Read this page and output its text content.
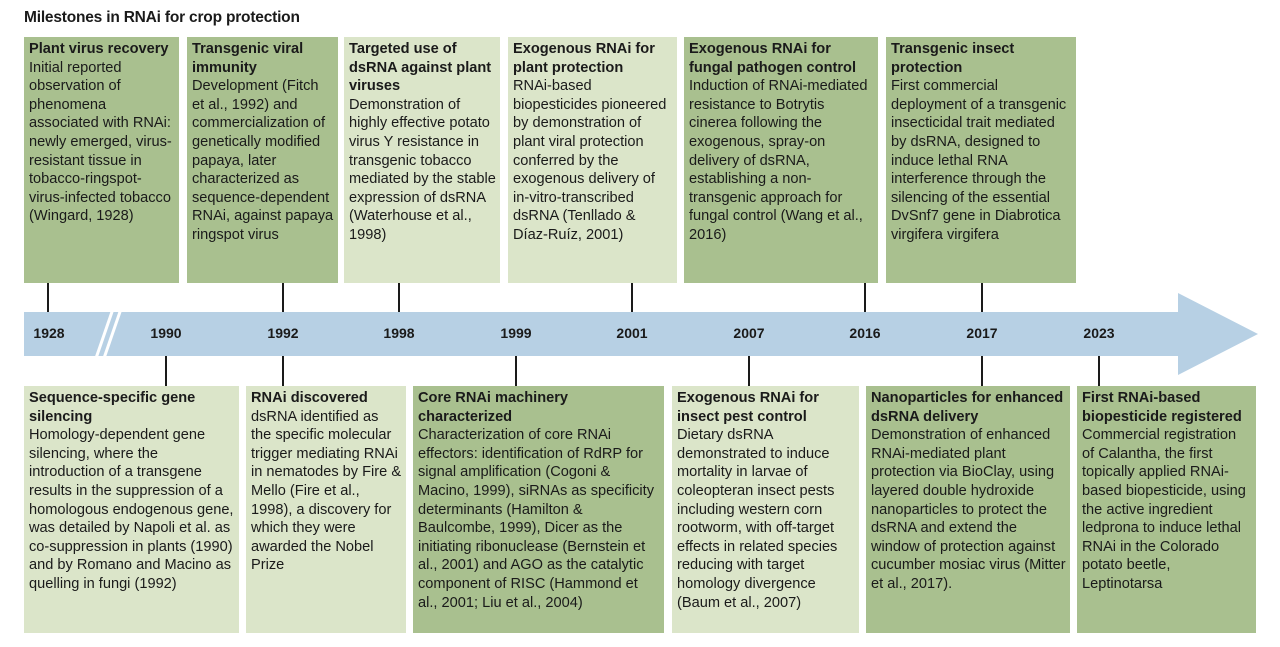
Milestones in RNAi for crop protection
Plant virus recovery
Initial reported observation of phenomena associated with RNAi: newly emerged, virus-resistant tissue in tobacco-ringspot-virus-infected tobacco (Wingard, 1928)
Transgenic viral immunity
Development (Fitch et al., 1992) and commercialization of genetically modified papaya, later characterized as sequence-dependent RNAi, against papaya ringspot virus
Targeted use of dsRNA against plant viruses
Demonstration of highly effective potato virus Y resistance in transgenic tobacco mediated by the stable expression of dsRNA (Waterhouse et al., 1998)
Exogenous RNAi for plant protection
RNAi-based biopesticides pioneered by demonstration of plant viral protection conferred by the exogenous delivery of in-vitro-transcribed dsRNA (Tenllado & Díaz-Ruíz, 2001)
Exogenous RNAi for fungal pathogen control
Induction of RNAi-mediated resistance to Botrytis cinerea following the exogenous, spray-on delivery of dsRNA, establishing a non-transgenic approach for fungal control (Wang et al., 2016)
Transgenic insect protection
First commercial deployment of a transgenic insecticidal trait mediated by dsRNA, designed to induce lethal RNA interference through the silencing of the essential DvSnf7 gene in Diabrotica virgifera virgifera
1928	1990	1992	1998	1999	2001	2007	2016	2017	2023
Sequence-specific gene silencing
Homology-dependent gene silencing, where the introduction of a transgene results in the suppression of a homologous endogenous gene, was detailed by Napoli et al. as co-suppression in plants (1990) and by Romano and Macino as quelling in fungi (1992)
RNAi discovered
dsRNA identified as the specific molecular trigger mediating RNAi in nematodes by Fire & Mello (Fire et al., 1998), a discovery for which they were awarded the Nobel Prize
Core RNAi machinery characterized
Characterization of core RNAi effectors: identification of RdRP for signal amplification (Cogoni & Macino, 1999), siRNAs as specificity determinants (Hamilton & Baulcombe, 1999), Dicer as the initiating ribonuclease (Bernstein et al., 2001) and AGO as the catalytic component of RISC (Hammond et al., 2001; Liu et al., 2004)
Exogenous RNAi for insect pest control
Dietary dsRNA demonstrated to induce mortality in larvae of coleopteran insect pests including western corn rootworm, with off-target effects in related species reducing with target homology divergence (Baum et al., 2007)
Nanoparticles for enhanced dsRNA delivery
Demonstration of enhanced RNAi-mediated plant protection via BioClay, using layered double hydroxide nanoparticles to protect the dsRNA and extend the window of protection against cucumber mosiac virus (Mitter et al., 2017).
First RNAi-based biopesticide registered
Commercial registration of Calantha, the first topically applied RNAi-based biopesticide, using the active ingredient ledprona to induce lethal RNAi in the Colorado potato beetle, Leptinotarsa
